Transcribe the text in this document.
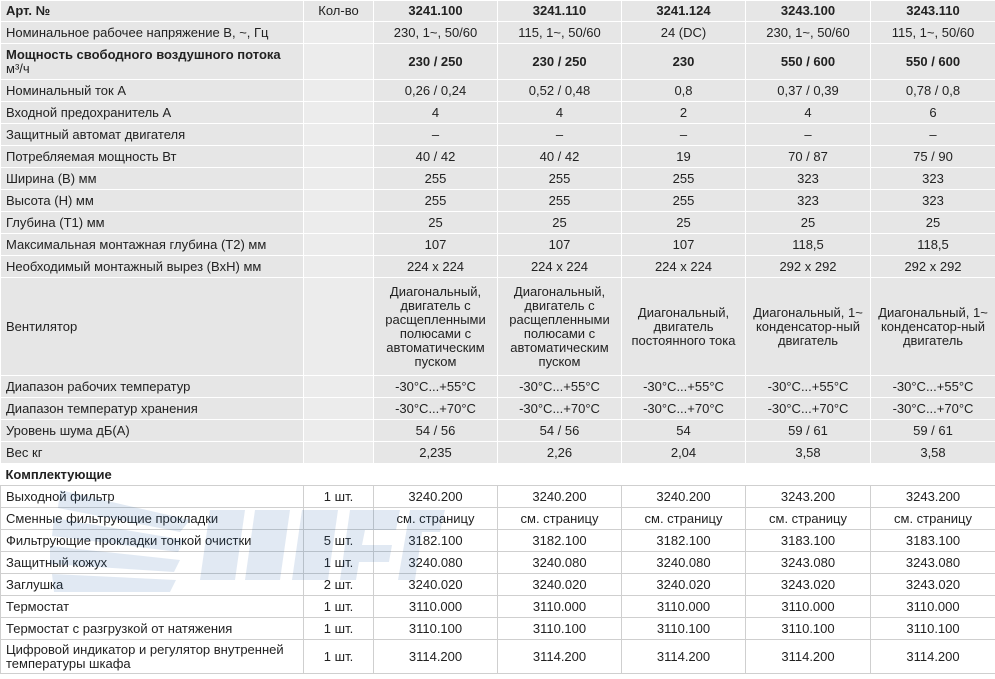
Арт. №	Кол-во	3241.100	3241.110	3241.124	3243.100	3243.110
Номинальное рабочее напряжение В, ~, Гц		230, 1~, 50/60	115, 1~, 50/60	24 (DC)	230, 1~, 50/60	115, 1~, 50/60
Мощность свободного воздушного потока м³/ч		230 / 250	230 / 250	230	550 / 600	550 / 600
Номинальный ток А		0,26 / 0,24	0,52 / 0,48	0,8	0,37 / 0,39	0,78 / 0,8
Входной предохранитель А		4	4	2	4	6
Защитный автомат двигателя		–	–	–	–	–
Потребляемая мощность Вт		40 / 42	40 / 42	19	70 / 87	75 / 90
Ширина (B) мм		255	255	255	323	323
Высота (H) мм		255	255	255	323	323
Глубина (T1) мм		25	25	25	25	25
Максимальная монтажная глубина (T2) мм		107	107	107	118,5	118,5
Необходимый монтажный вырез (BxH) мм		224 x 224	224 x 224	224 x 224	292 x 292	292 x 292
Вентилятор		Диагональный, двигатель с расщепленными полюсами с автоматическим пуском	Диагональный, двигатель с расщепленными полюсами с автоматическим пуском	Диагональный, двигатель постоянного тока	Диагональный, 1~ конденсатор-ный двигатель	Диагональный, 1~ конденсатор-ный двигатель
Диапазон рабочих температур		-30°C...+55°C	-30°C...+55°C	-30°C...+55°C	-30°C...+55°C	-30°C...+55°C
Диапазон температур хранения		-30°C...+70°C	-30°C...+70°C	-30°C...+70°C	-30°C...+70°C	-30°C...+70°C
Уровень шума дБ(А)		54 / 56	54 / 56	54	59 / 61	59 / 61
Вес кг		2,235	2,26	2,04	3,58	3,58
Комплектующие						
Выходной фильтр	1 шт.	3240.200	3240.200	3240.200	3243.200	3243.200
Сменные фильтрующие прокладки		см. страницу	см. страницу	см. страницу	см. страницу	см. страницу
Фильтрующие прокладки тонкой очистки	5 шт.	3182.100	3182.100	3182.100	3183.100	3183.100
Защитный кожух	1 шт.	3240.080	3240.080	3240.080	3243.080	3243.080
Заглушка	2 шт.	3240.020	3240.020	3240.020	3243.020	3243.020
Термостат	1 шт.	3110.000	3110.000	3110.000	3110.000	3110.000
Термостат с разгрузкой от натяжения	1 шт.	3110.100	3110.100	3110.100	3110.100	3110.100
Цифровой индикатор и регулятор внутренней температуры шкафа	1 шт.	3114.200	3114.200	3114.200	3114.200	3114.200
